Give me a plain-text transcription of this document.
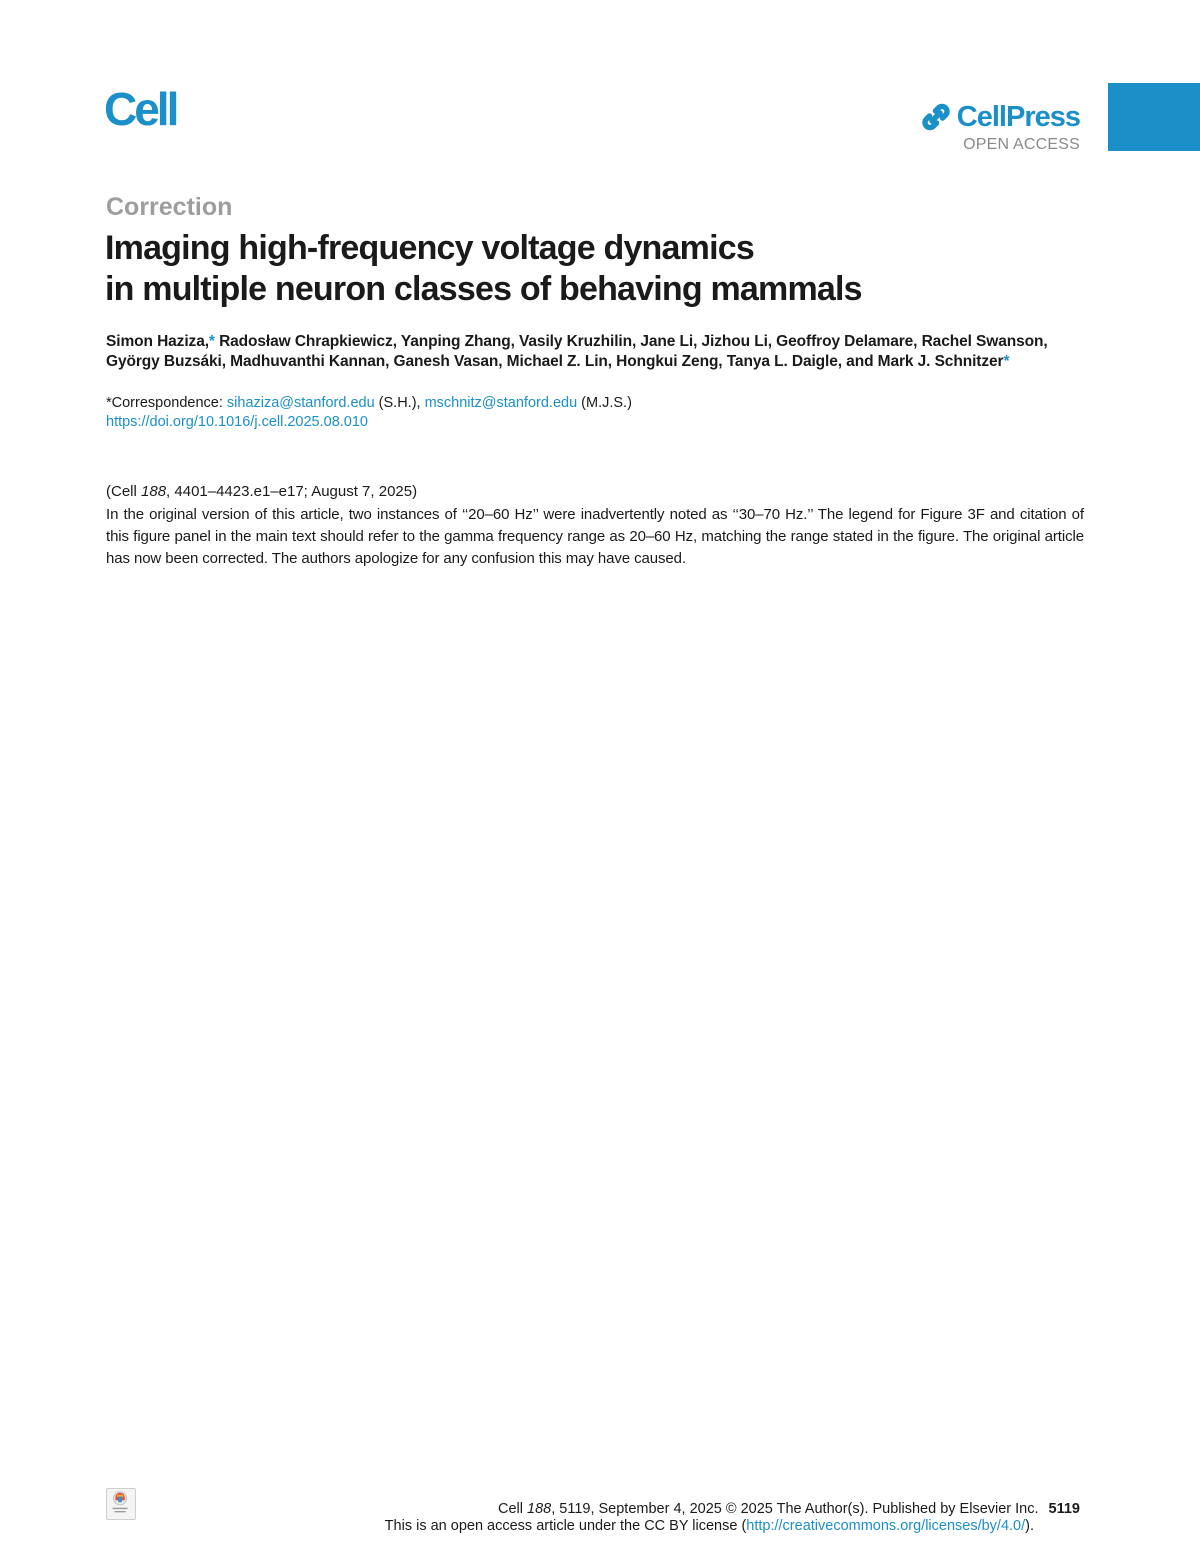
Cell	CellPress
OPEN ACCESS
Correction
Imaging high-frequency voltage dynamics
in multiple neuron classes of behaving mammals
Simon Haziza,* Radosław Chrapkiewicz, Yanping Zhang, Vasily Kruzhilin, Jane Li, Jizhou Li, Geoffroy Delamare, Rachel Swanson, György Buzsáki, Madhuvanthi Kannan, Ganesh Vasan, Michael Z. Lin, Hongkui Zeng, Tanya L. Daigle, and Mark J. Schnitzer*
*Correspondence: sihaziza@stanford.edu (S.H.), mschnitz@stanford.edu (M.J.S.)
https://doi.org/10.1016/j.cell.2025.08.010
(Cell 188, 4401–4423.e1–e17; August 7, 2025)
In the original version of this article, two instances of ‘‘20–60 Hz’’ were inadvertently noted as ‘‘30–70 Hz.’’ The legend for Figure 3F and citation of this figure panel in the main text should refer to the gamma frequency range as 20–60 Hz, matching the range stated in the figure. The original article has now been corrected. The authors apologize for any confusion this may have caused.
Cell 188, 5119, September 4, 2025 © 2025 The Author(s). Published by Elsevier Inc. 5119
This is an open access article under the CC BY license (http://creativecommons.org/licenses/by/4.0/).
